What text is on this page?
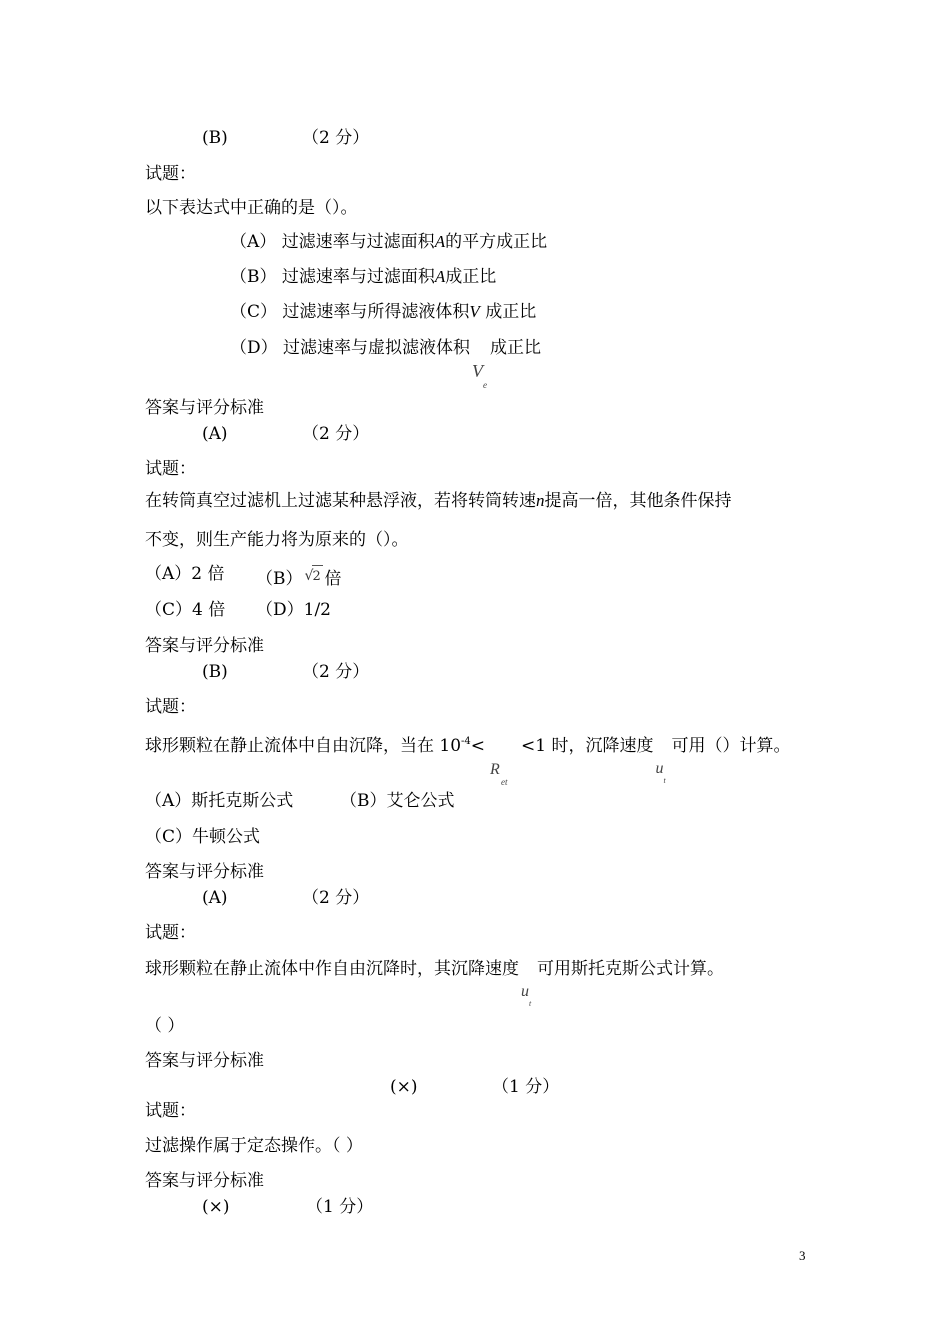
(B)	（2 分）
试题：
以下表达式中正确的是（）。
（A） 过滤速率与过滤面积A的平方成正比
（B） 过滤速率与过滤面积A成正比
（C） 过滤速率与所得滤液体积V 成正比
（D） 过滤速率与虚拟滤液体积
V
e
成正比
答案与评分标准
(A)	（2 分）
试题：
在转筒真空过滤机上过滤某种悬浮液，若将转筒转速n提高一倍，其他条件保持
不变，则生产能力将为原来的（）。
（A）2 倍 （B） √ 2 倍
（C）4 倍 （D）1/2
答案与评分标准
(B)	（2 分）
试题：
球形颗粒在静止流体中自由沉降，当在 $10^{-4}<$
R
et
<1 时，沉降速度
u
t
可用（）计算。
（A）斯托克斯公式	（B）艾仑公式
（C）牛顿公式
答案与评分标准
(A)	（2 分）
试题：
球形颗粒在静止流体中作自由沉降时，其沉降速度
u
t
可用斯托克斯公式计算。
（ ）
答案与评分标准
(×)	（1 分）
试题：
过滤操作属于定态操作。（ ）
答案与评分标准
(×)	（1 分）
3
